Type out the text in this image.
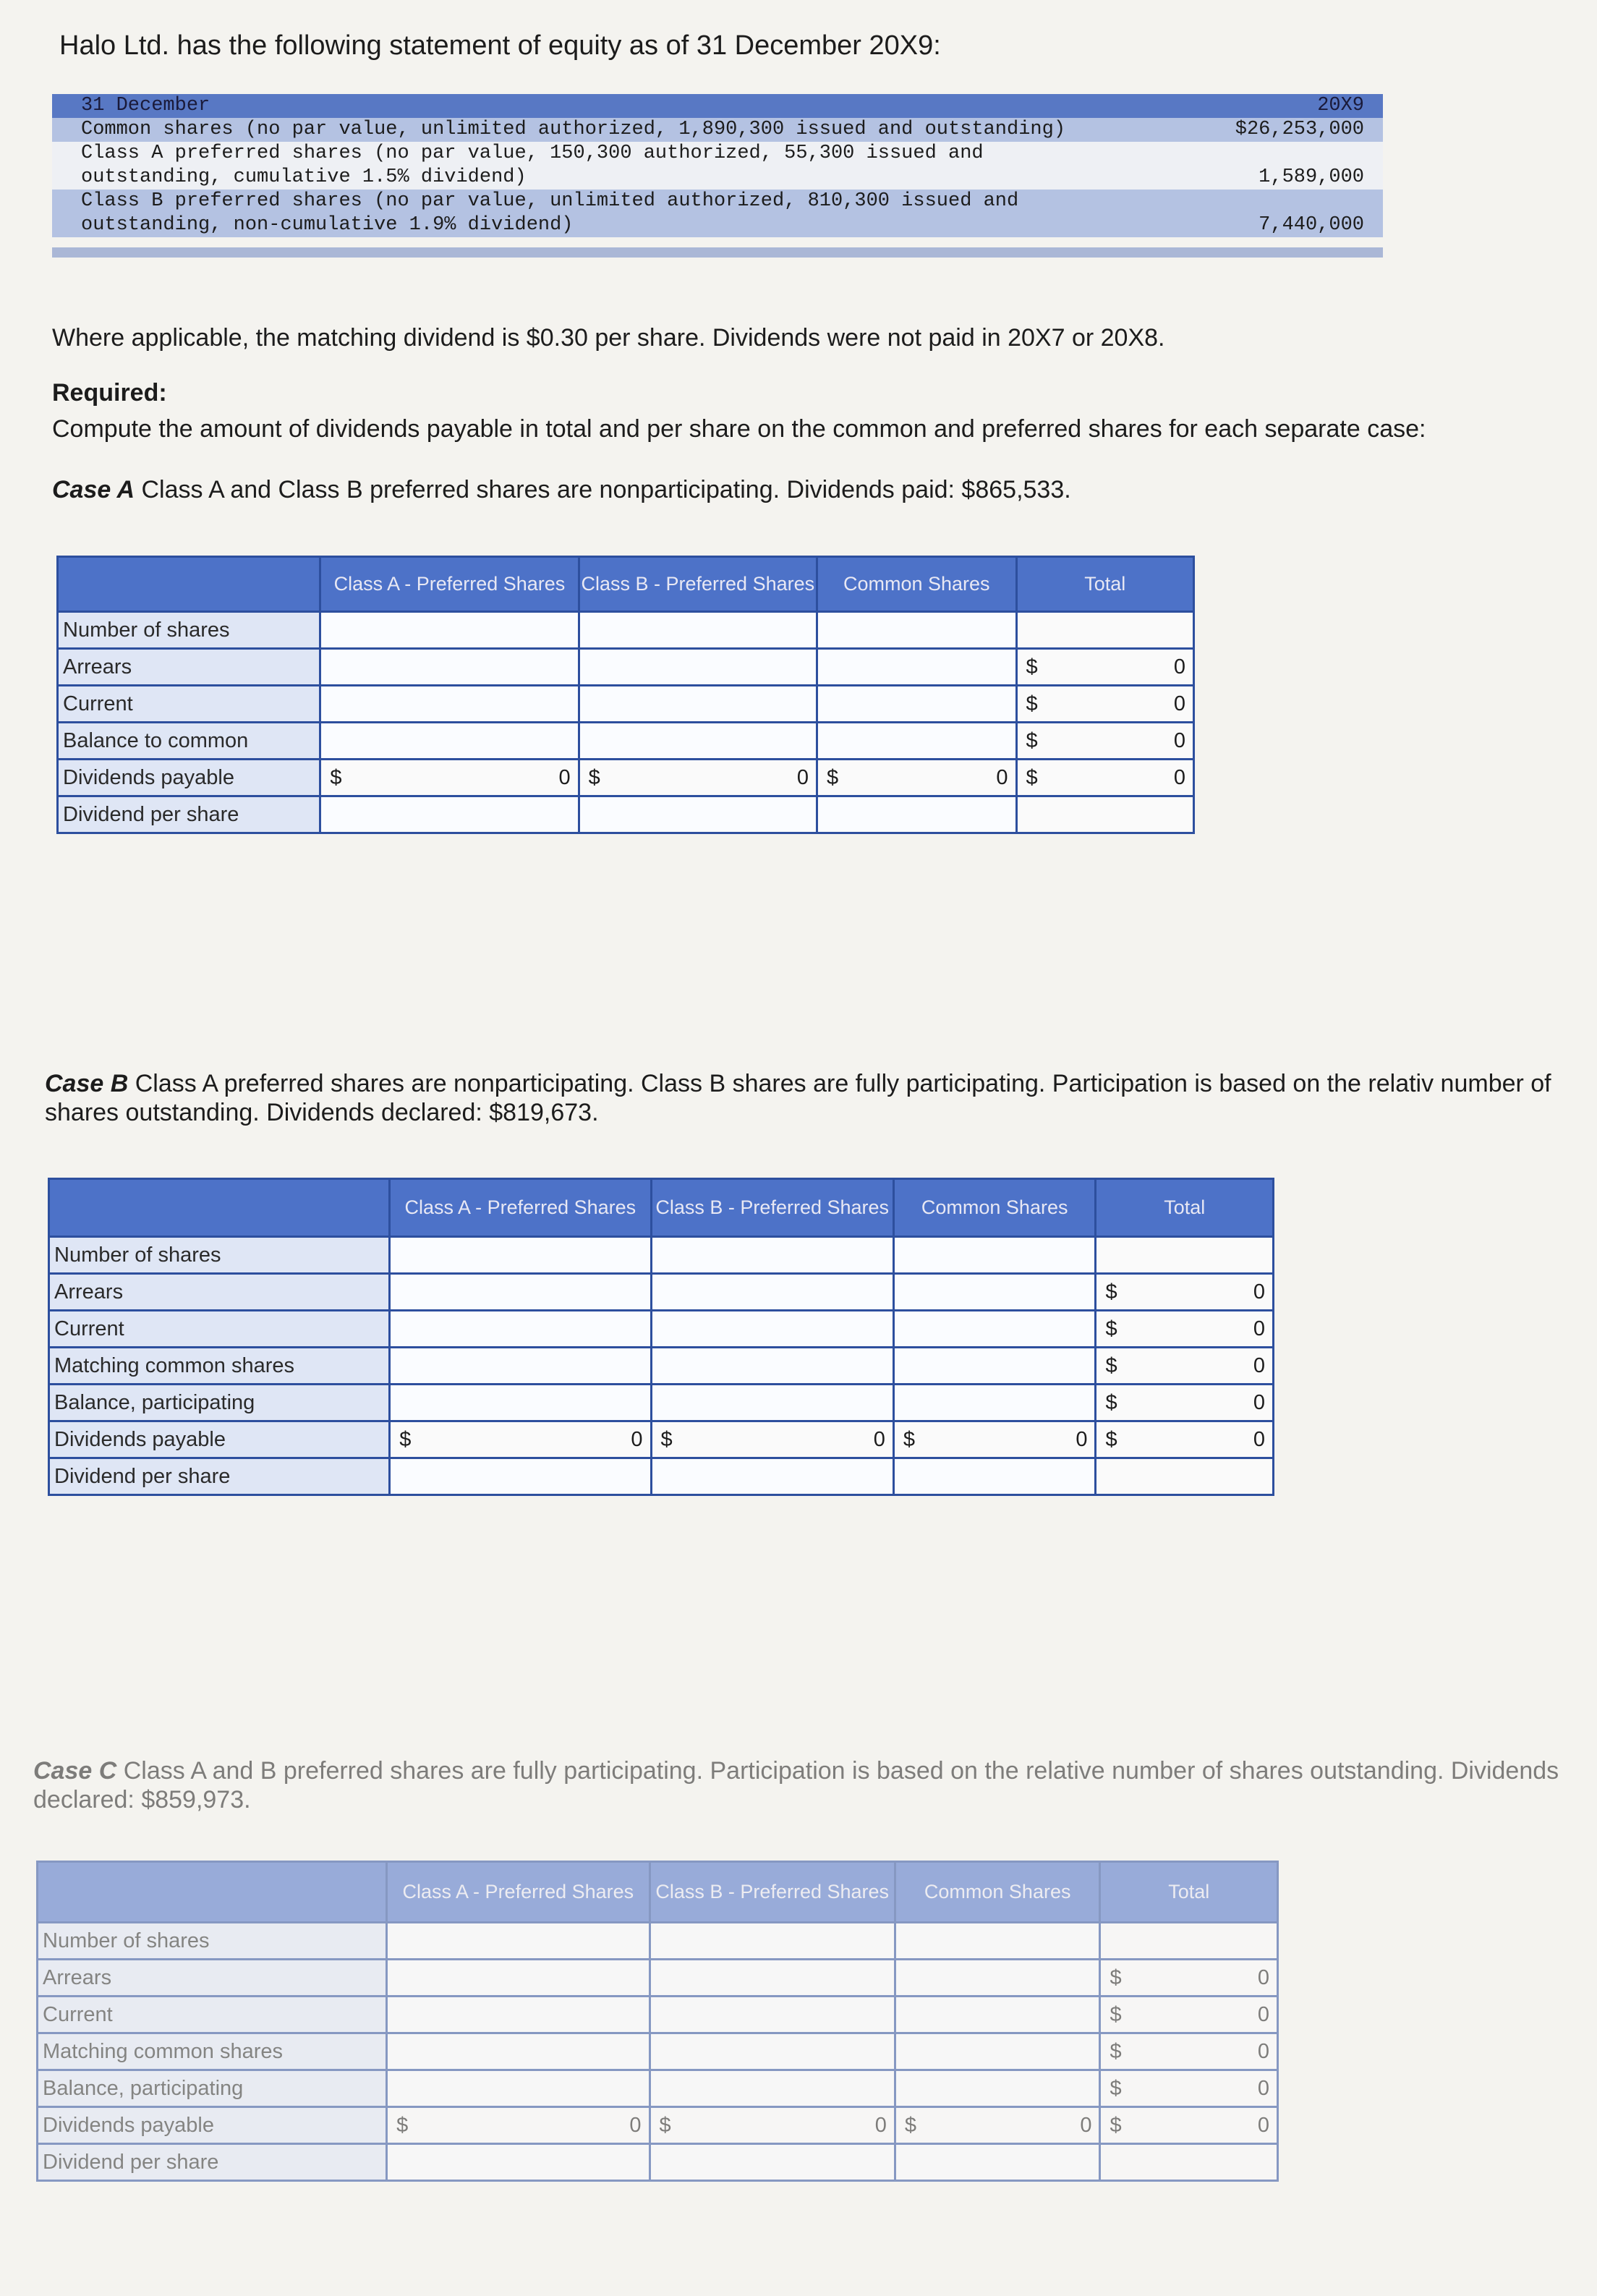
Halo Ltd. has the following statement of equity as of 31 December 20X9:
31 December	20X9
Common shares (no par value, unlimited authorized, 1,890,300 issued and outstanding)	$26,253,000
Class A preferred shares (no par value, 150,300 authorized, 55,300 issued and
outstanding, cumulative 1.5% dividend)	1,589,000
Class B preferred shares (no par value, unlimited authorized, 810,300 issued and
outstanding, non-cumulative 1.9% dividend)	7,440,000
Where applicable, the matching dividend is $0.30 per share. Dividends were not paid in 20X7 or 20X8.
Required:
Compute the amount of dividends payable in total and per share on the common and preferred shares for each separate case:
Case A Class A and Class B preferred shares are nonparticipating. Dividends paid: $865,533.
	Class A - Preferred Shares	Class B - Preferred Shares	Common Shares	Total
Number of shares				
Arrears				$ 0

Current				$ 0

Balance to common				$ 0

Dividends payable	$ 0	$ 0	$ 0	$ 0

Dividend per share				
Case B Class A preferred shares are nonparticipating. Class B shares are fully participating. Participation is based on the relativ number of shares outstanding. Dividends declared: $819,673.
	Class A - Preferred Shares	Class B - Preferred Shares	Common Shares	Total
Number of shares				
Arrears				$ 0

Current				$ 0

Matching common shares				$ 0

Balance, participating				$ 0

Dividends payable	$ 0	$ 0	$ 0	$ 0

Dividend per share				
Case C Class A and B preferred shares are fully participating. Participation is based on the relative number of shares outstanding. Dividends declared: $859,973.
	Class A - Preferred Shares	Class B - Preferred Shares	Common Shares	Total
Number of shares				
Arrears				$ 0

Current				$ 0

Matching common shares				$ 0

Balance, participating				$ 0

Dividends payable	$ 0	$ 0	$ 0	$ 0

Dividend per share				
